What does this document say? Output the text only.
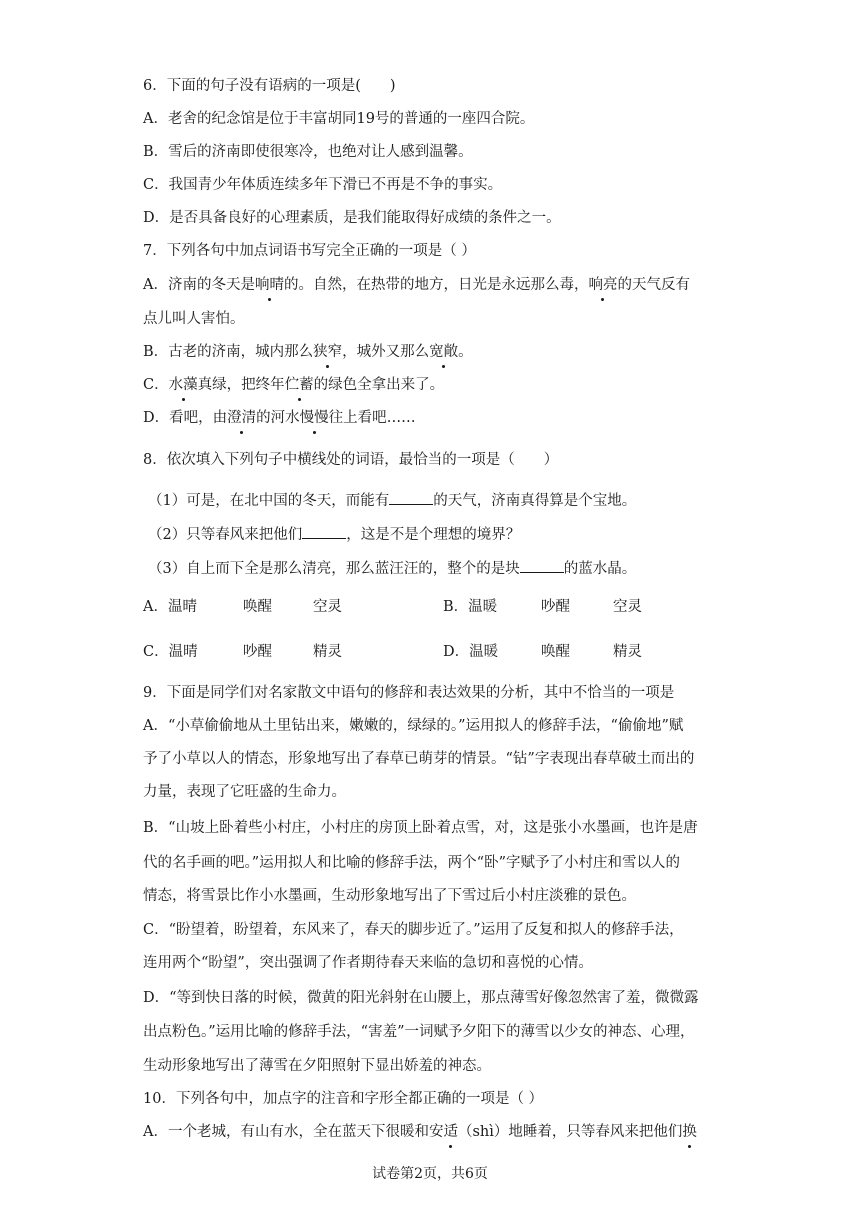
6．下面的句子没有语病的一项是(　　)
A．老舍的纪念馆是位于丰富胡同19号的普通的一座四合院。
B．雪后的济南即使很寒冷，也绝对让人感到温馨。
C．我国青少年体质连续多年下滑已不再是不争的事实。
D．是否具备良好的心理素质，是我们能取得好成绩的条件之一。
7．下列各句中加点词语书写完全正确的一项是（ ）
A．济南的冬天是响晴的。自然，在热带的地方，日光是永远那么毒，响亮的天气反有
点儿叫人害怕。
B．古老的济南，城内那么狭窄，城外又那么宽敞。
C．水藻真绿，把终年伫蓄的绿色全拿出来了。
D．看吧，由澄清的河水慢慢往上看吧……
8．依次填入下列句子中横线处的词语，最恰当的一项是（　　）
（1）可是，在北中国的冬天，而能有	的天气，济南真得算是个宝地。
（2）只等春风来把他们	，这是不是个理想的境界？
（3）自上而下全是那么清亮，那么蓝汪汪的，整个的是块	的蓝水晶。
A．温晴	唤醒	空灵	B．温暖	吵醒	空灵
C．温晴	吵醒	精灵	D．温暖	唤醒	精灵
9．下面是同学们对名家散文中语句的修辞和表达效果的分析，其中不恰当的一项是
A．“小草偷偷地从土里钻出来，嫩嫩的，绿绿的。”运用拟人的修辞手法，“偷偷地”赋
予了小草以人的情态，形象地写出了春草已萌芽的情景。“钻”字表现出春草破土而出的
力量，表现了它旺盛的生命力。
B．“山坡上卧着些小村庄，小村庄的房顶上卧着点雪，对，这是张小水墨画，也许是唐
代的名手画的吧。”运用拟人和比喻的修辞手法，两个“卧”字赋予了小村庄和雪以人的
情态，将雪景比作小水墨画，生动形象地写出了下雪过后小村庄淡雅的景色。
C．“盼望着，盼望着，东风来了，春天的脚步近了。”运用了反复和拟人的修辞手法，
连用两个“盼望”，突出强调了作者期待春天来临的急切和喜悦的心情。
D．“等到快日落的时候，微黄的阳光斜射在山腰上，那点薄雪好像忽然害了羞，微微露
出点粉色。”运用比喻的修辞手法，“害羞”一词赋予夕阳下的薄雪以少女的神态、心理，
生动形象地写出了薄雪在夕阳照射下显出娇羞的神态。
10．下列各句中，加点字的注音和字形全都正确的一项是（ ）
A．一个老城，有山有水，全在蓝天下很暖和安适（shì）地睡着，只等春风来把他们换
试卷第2页，共6页
